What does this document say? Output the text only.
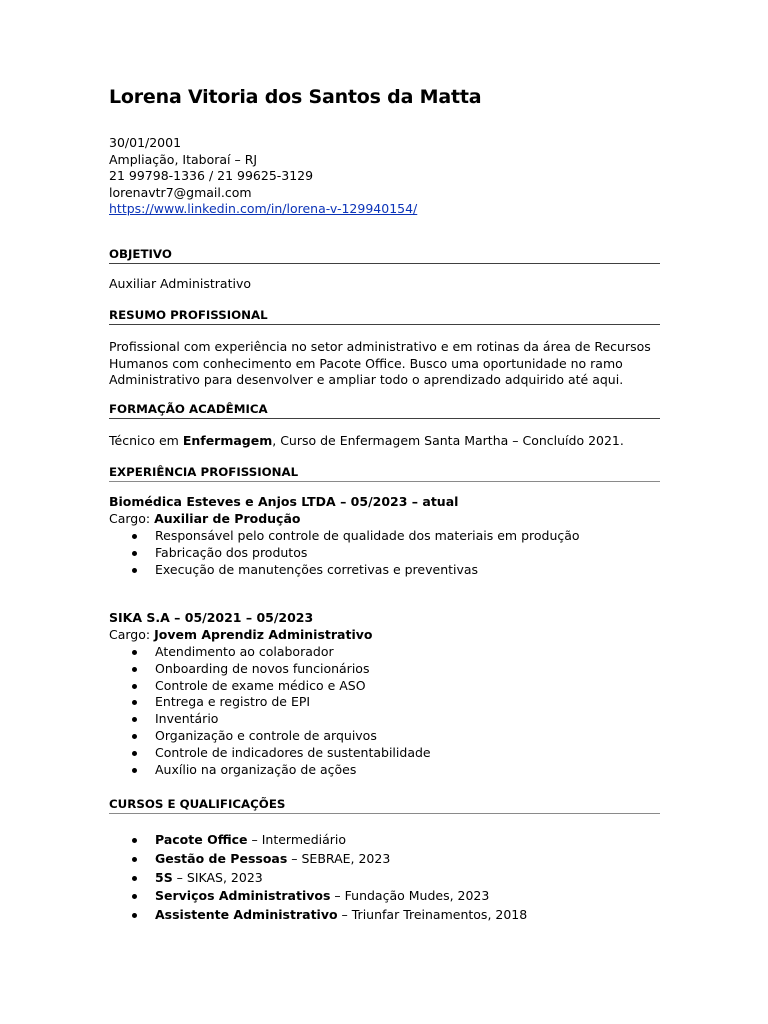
Lorena Vitoria dos Santos da Matta
30/01/2001
Ampliação, Itaboraí – RJ
21 99798-1336 / 21 99625-3129
lorenavtr7@gmail.com
https://www.linkedin.com/in/lorena-v-129940154/
OBJETIVO
Auxiliar Administrativo
RESUMO PROFISSIONAL
Profissional com experiência no setor administrativo e em rotinas da área de Recursos
Humanos com conhecimento em Pacote Office. Busco uma oportunidade no ramo
Administrativo para desenvolver e ampliar todo o aprendizado adquirido até aqui.
FORMAÇÃO ACADÊMICA
Técnico em Enfermagem, Curso de Enfermagem Santa Martha – Concluído 2021.
EXPERIÊNCIA PROFISSIONAL
Biomédica Esteves e Anjos LTDA – 05/2023 – atual
Cargo: Auxiliar de Produção
Responsável pelo controle de qualidade dos materiais em produção
Fabricação dos produtos
Execução de manutenções corretivas e preventivas
SIKA S.A – 05/2021 – 05/2023
Cargo: Jovem Aprendiz Administrativo
Atendimento ao colaborador
Onboarding de novos funcionários
Controle de exame médico e ASO
Entrega e registro de EPI
Inventário
Organização e controle de arquivos
Controle de indicadores de sustentabilidade
Auxílio na organização de ações
CURSOS E QUALIFICAÇÕES
Pacote Office – Intermediário
Gestão de Pessoas – SEBRAE, 2023
5S – SIKAS, 2023
Serviços Administrativos – Fundação Mudes, 2023
Assistente Administrativo – Triunfar Treinamentos, 2018
